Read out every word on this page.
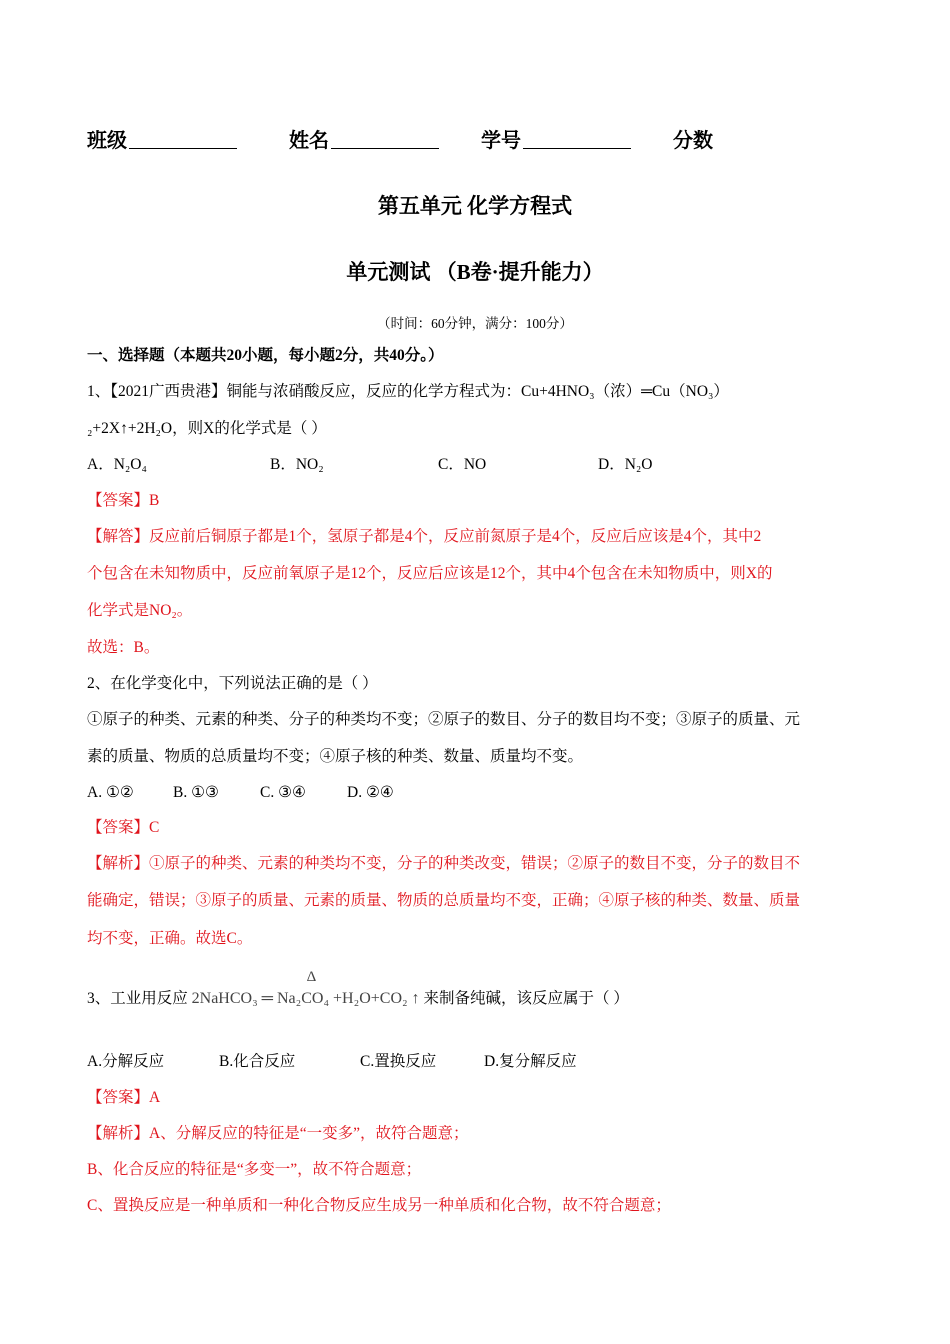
班级	姓名	学号	分数
第五单元 化学方程式
单元测试 （B卷·提升能力）
（时间：60分钟，满分：100分）
一、选择题（本题共20小题，每小题2分，共40分。）
1、【2021广西贵港】铜能与浓硝酸反应，反应的化学方程式为：Cu+4HNO₃（浓）═Cu（NO₃）
₂+2X↑+2H₂O，则X的化学式是（ ）
A．N₂O₄	B．NO₂	C．NO	D．N₂O
【答案】B
【解答】反应前后铜原子都是1个，氢原子都是4个，反应前氮原子是4个，反应后应该是4个，其中2
个包含在未知物质中，反应前氧原子是12个，反应后应该是12个，其中4个包含在未知物质中，则X的
化学式是NO₂。
故选：B。
2、在化学变化中，下列说法正确的是（ ）
①原子的种类、元素的种类、分子的种类均不变；②原子的数目、分子的数目均不变；③原子的质量、元
素的质量、物质的总质量均不变；④原子核的种类、数量、质量均不变。
A. ①②	B. ①③	C. ③④	D. ②④
【答案】C
【解析】①原子的种类、元素的种类均不变，分子的种类改变，错误；②原子的数目不变，分子的数目不
能确定，错误；③原子的质量、元素的质量、物质的总质量均不变，正确；④原子核的种类、数量、质量
均不变，正确。故选C。
3、工业用反应
Δ
2NaHCO₃ ═ Na₂CO₄ +H₂O+CO₂ ↑ 来制备纯碱，该反应属于（ ）
A.分解反应	B.化合反应	C.置换反应	D.复分解反应
【答案】A
【解析】A、分解反应的特征是“一变多”，故符合题意；
B、化合反应的特征是“多变一”，故不符合题意；
C、置换反应是一种单质和一种化合物反应生成另一种单质和化合物，故不符合题意；
